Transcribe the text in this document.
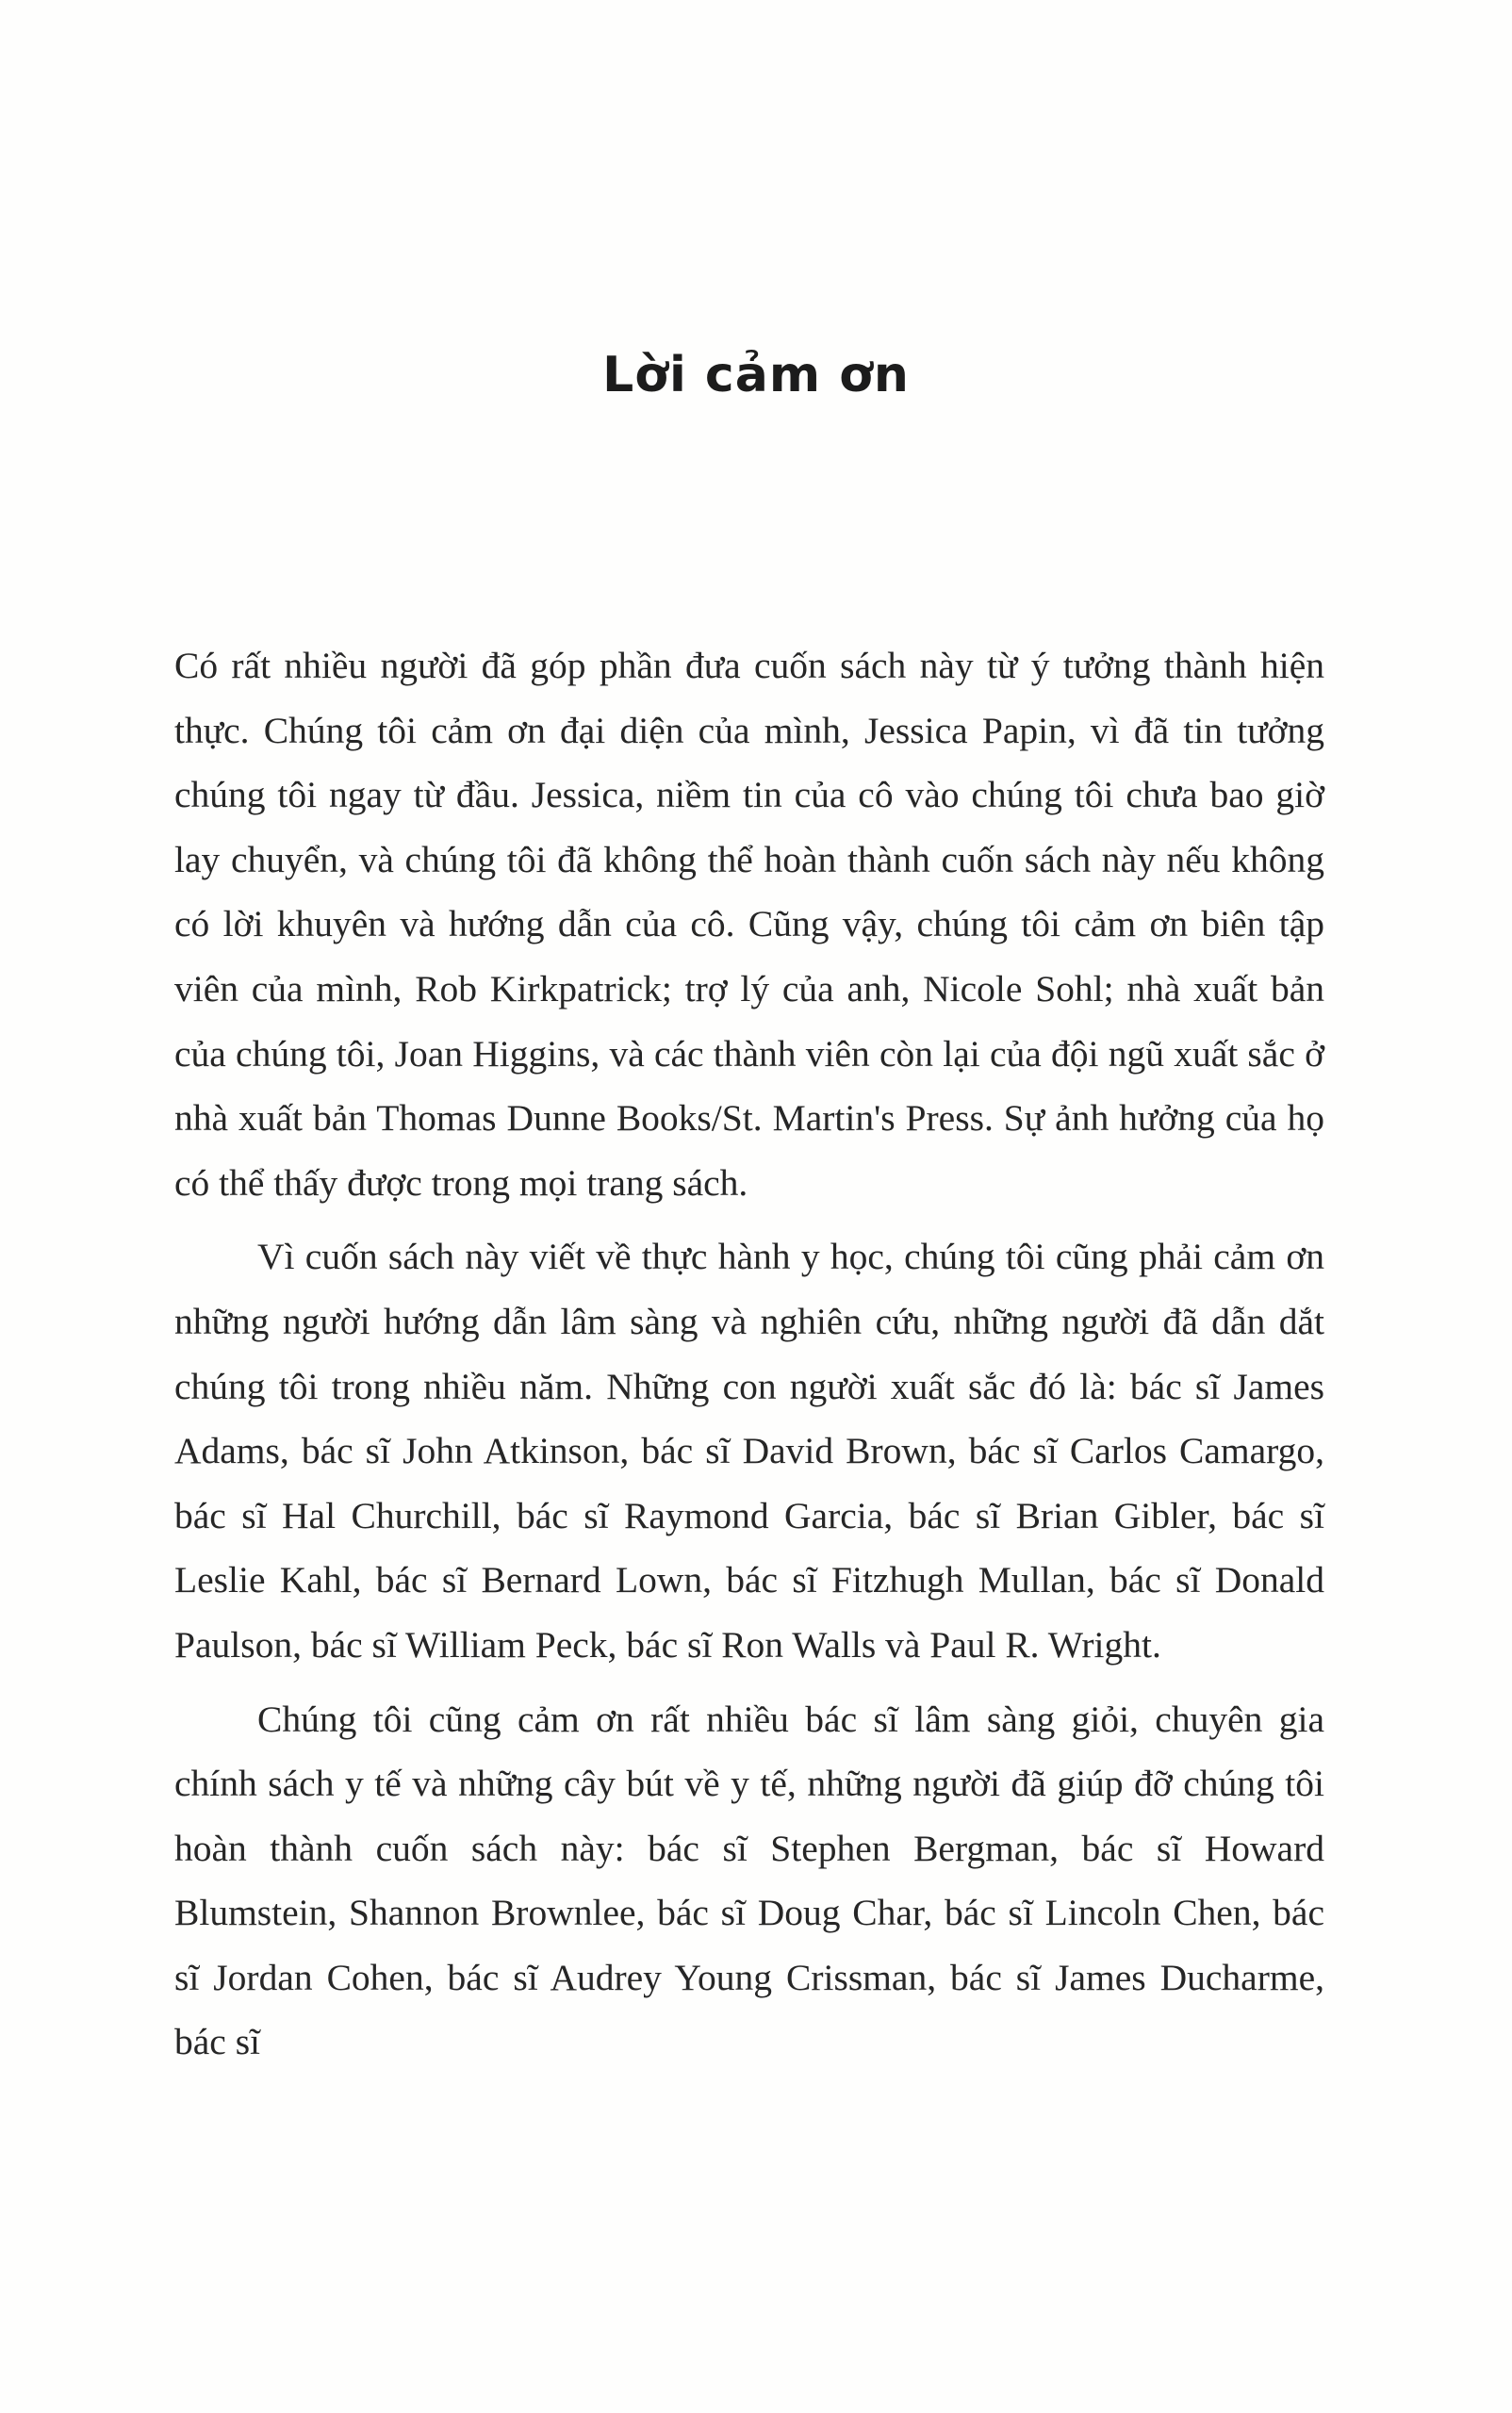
Lời cảm ơn

Có rất nhiều người đã góp phần đưa cuốn sách này từ ý tưởng thành hiện thực. Chúng tôi cảm ơn đại diện của mình, Jessica Papin, vì đã tin tưởng chúng tôi ngay từ đầu. Jessica, niềm tin của cô vào chúng tôi chưa bao giờ lay chuyển, và chúng tôi đã không thể hoàn thành cuốn sách này nếu không có lời khuyên và hướng dẫn của cô. Cũng vậy, chúng tôi cảm ơn biên tập viên của mình, Rob Kirkpatrick; trợ lý của anh, Nicole Sohl; nhà xuất bản của chúng tôi, Joan Higgins, và các thành viên còn lại của đội ngũ xuất sắc ở nhà xuất bản Thomas Dunne Books/St. Martin's Press. Sự ảnh hưởng của họ có thể thấy được trong mọi trang sách.

Vì cuốn sách này viết về thực hành y học, chúng tôi cũng phải cảm ơn những người hướng dẫn lâm sàng và nghiên cứu, những người đã dẫn dắt chúng tôi trong nhiều năm. Những con người xuất sắc đó là: bác sĩ James Adams, bác sĩ John Atkinson, bác sĩ David Brown, bác sĩ Carlos Camargo, bác sĩ Hal Churchill, bác sĩ Raymond Garcia, bác sĩ Brian Gibler, bác sĩ Leslie Kahl, bác sĩ Bernard Lown, bác sĩ Fitzhugh Mullan, bác sĩ Donald Paulson, bác sĩ William Peck, bác sĩ Ron Walls và Paul R. Wright.

Chúng tôi cũng cảm ơn rất nhiều bác sĩ lâm sàng giỏi, chuyên gia chính sách y tế và những cây bút về y tế, những người đã giúp đỡ chúng tôi hoàn thành cuốn sách này: bác sĩ Stephen Bergman, bác sĩ Howard Blumstein, Shannon Brownlee, bác sĩ Doug Char, bác sĩ Lincoln Chen, bác sĩ Jordan Cohen, bác sĩ Audrey Young Crissman, bác sĩ James Ducharme, bác sĩ
